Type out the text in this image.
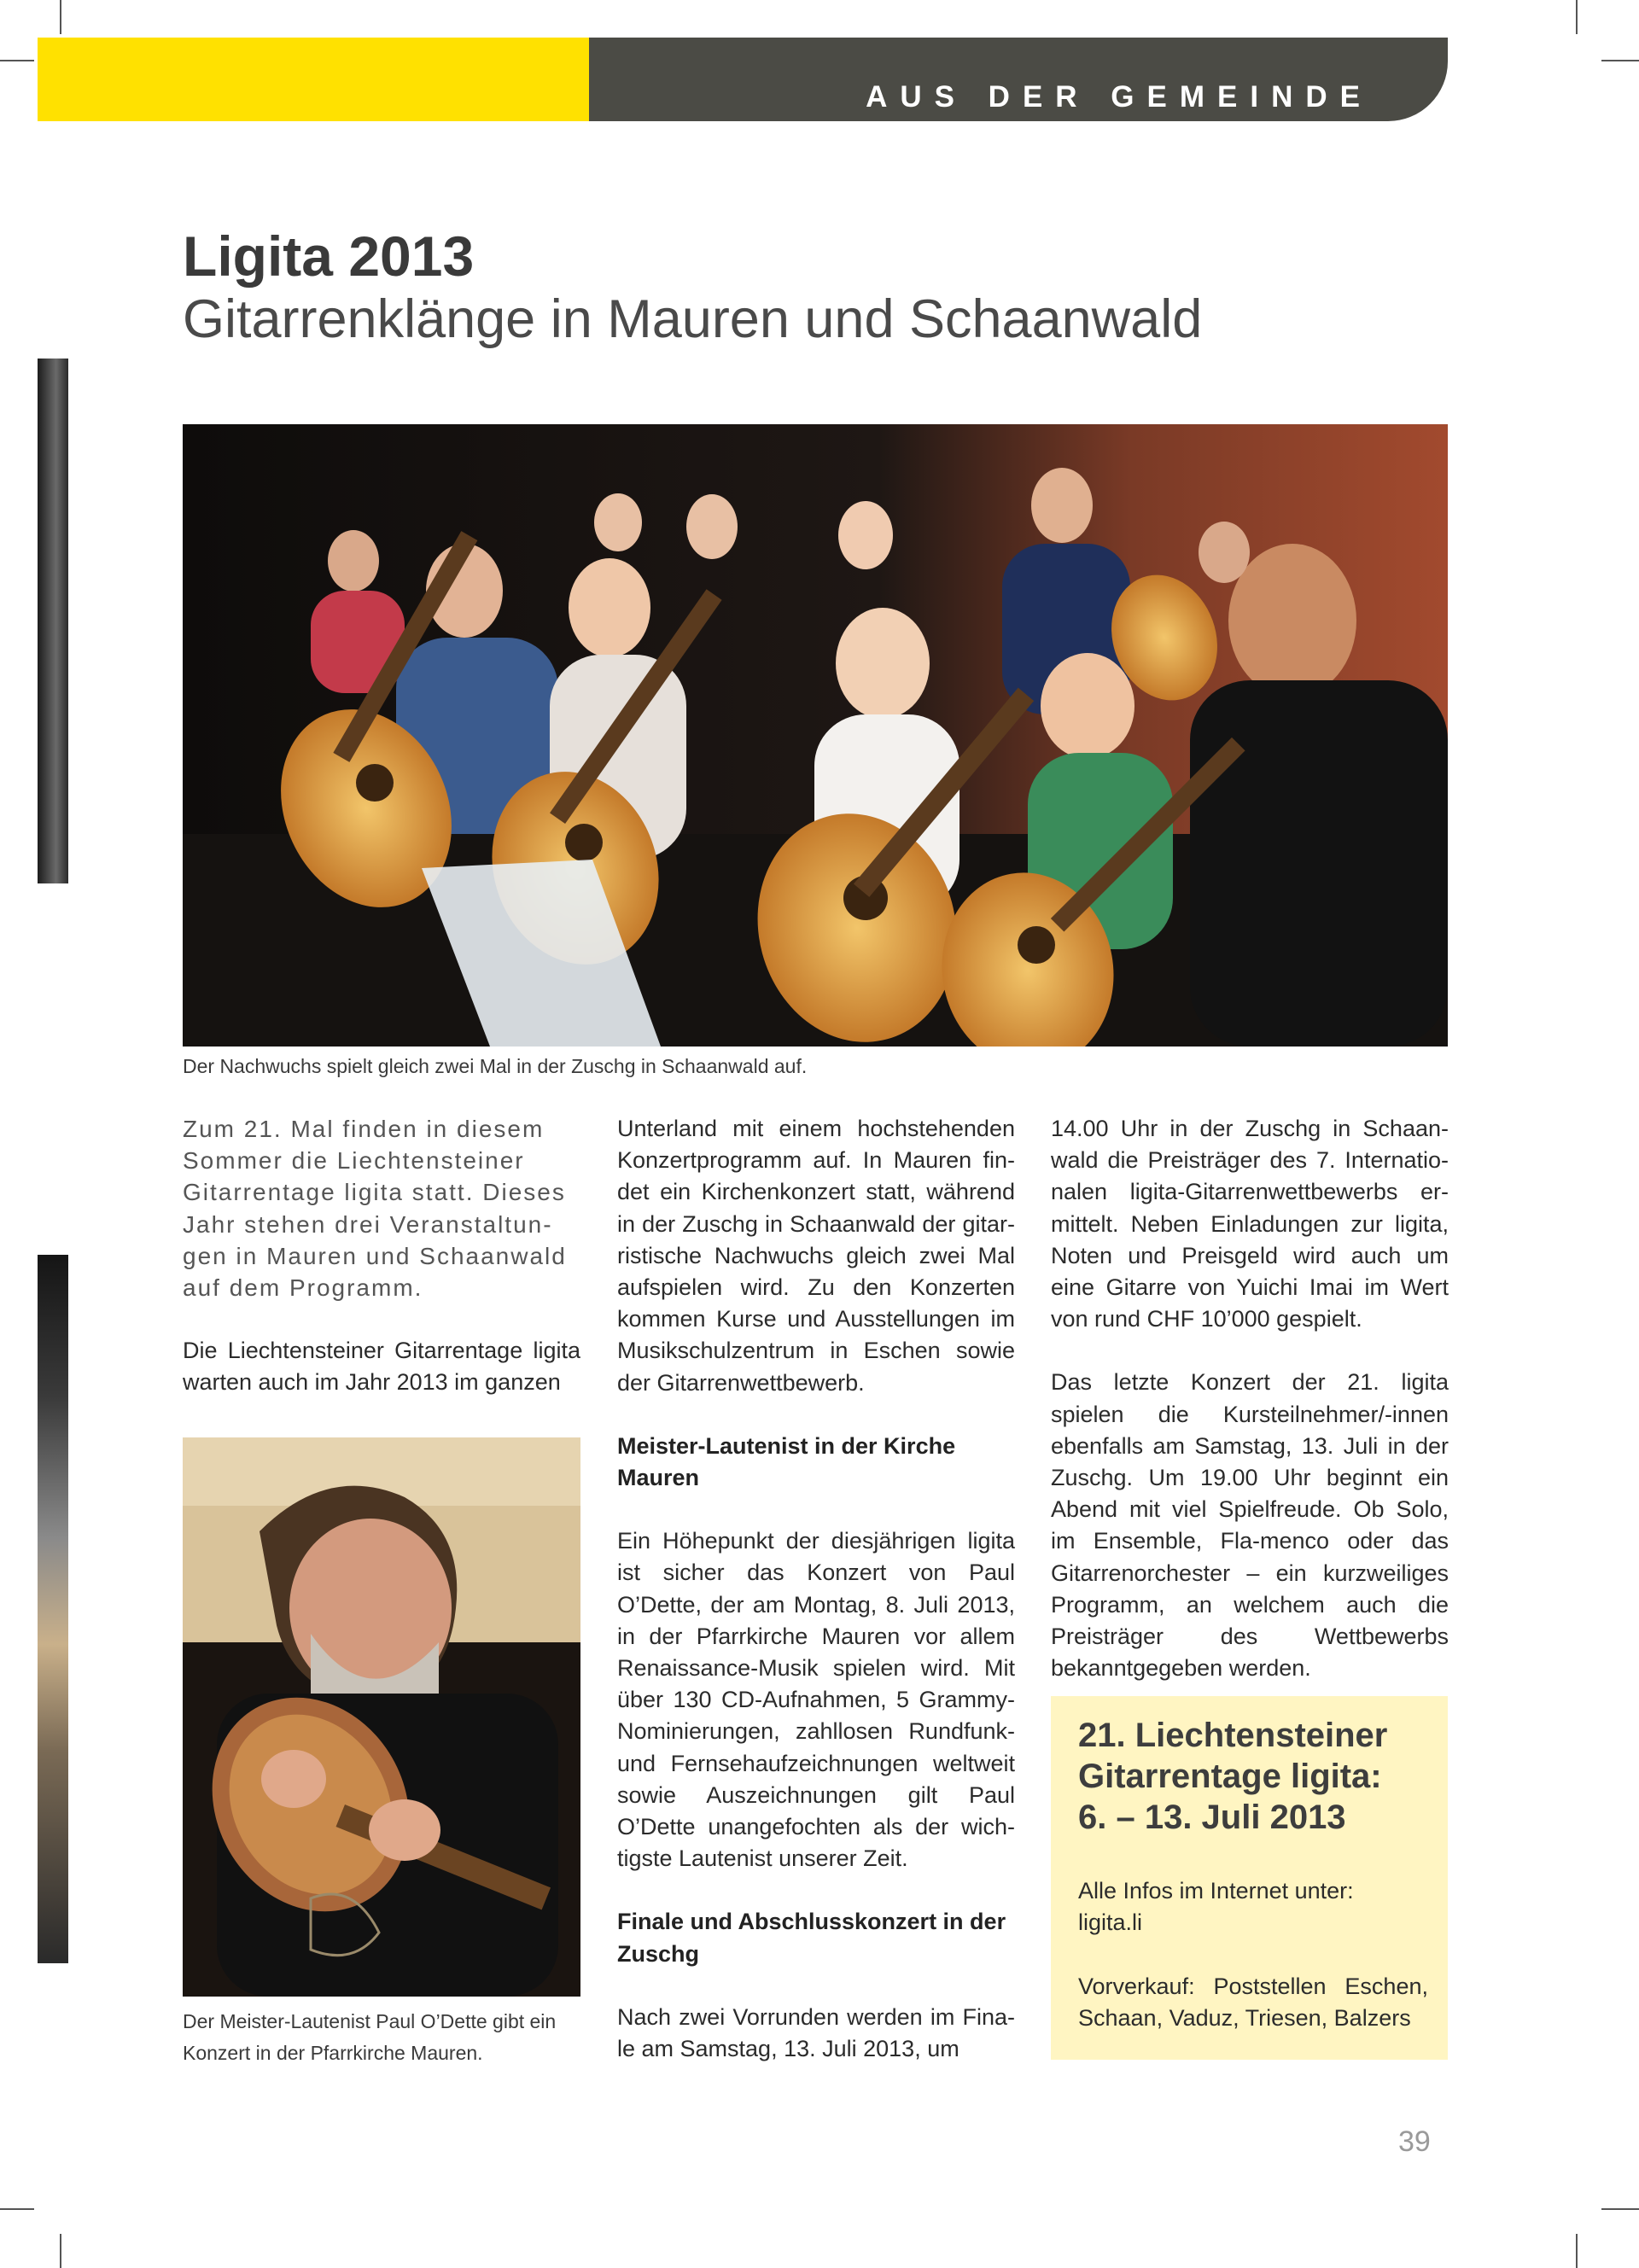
AUS DER GEMEINDE
Ligita 2013
Gitarrenklänge in Mauren und Schaanwald
Der Nachwuchs spielt gleich zwei Mal in der Zuschg in Schaanwald auf.

Zum 21. Mal finden in diesem Sommer die Liechtensteiner Gitarrentage ligita statt. Dieses Jahr stehen drei Veranstaltun-gen in Mauren und Schaanwald auf dem Programm.

Die Liechtensteiner Gitarrentage ligita warten auch im Jahr 2013 im ganzen

Der Meister-Lautenist Paul O’Dette gibt ein
Konzert in der Pfarrkirche Mauren.

Unterland mit einem hochstehenden Konzertprogramm auf. In Mauren fin-det ein Kirchenkonzert statt, während in der Zuschg in Schaanwald der gitar-ristische Nachwuchs gleich zwei Mal aufspielen wird. Zu den Konzerten kommen Kurse und Ausstellungen im Musikschulzentrum in Eschen sowie der Gitarrenwettbewerb.

Meister-Lautenist in der Kirche Mauren

Ein Höhepunkt der diesjährigen ligita ist sicher das Konzert von Paul O’Dette, der am Montag, 8. Juli 2013, in der Pfarrkirche Mauren vor allem Renaissance-Musik spielen wird. Mit über 130 CD-Aufnahmen, 5 Grammy-Nominierungen, zahllosen Rundfunk- und Fernsehaufzeichnungen weltweit sowie Auszeichnungen gilt Paul O’Dette unangefochten als der wich-tigste Lautenist unserer Zeit.

Finale und Abschlusskonzert in der Zuschg

Nach zwei Vorrunden werden im Fina-le am Samstag, 13. Juli 2013, um

14.00 Uhr in der Zuschg in Schaan-wald die Preisträger des 7. Internatio-nalen ligita-Gitarrenwettbewerbs er-mittelt. Neben Einladungen zur ligita, Noten und Preisgeld wird auch um eine Gitarre von Yuichi Imai im Wert von rund CHF 10’000 gespielt.

Das letzte Konzert der 21. ligita spielen die Kursteilnehmer/-innen ebenfalls am Samstag, 13. Juli in der Zuschg. Um 19.00 Uhr beginnt ein Abend mit viel Spielfreude. Ob Solo, im Ensemble, Fla-menco oder das Gitarrenorchester – ein kurzweiliges Programm, an welchem auch die Preisträger des Wettbewerbs bekanntgegeben werden.

21. Liechtensteiner
Gitarrentage ligita:
6. – 13. Juli 2013

Alle Infos im Internet unter:
ligita.li

Vorverkauf: Poststellen Eschen, Schaan, Vaduz, Triesen, Balzers

39
